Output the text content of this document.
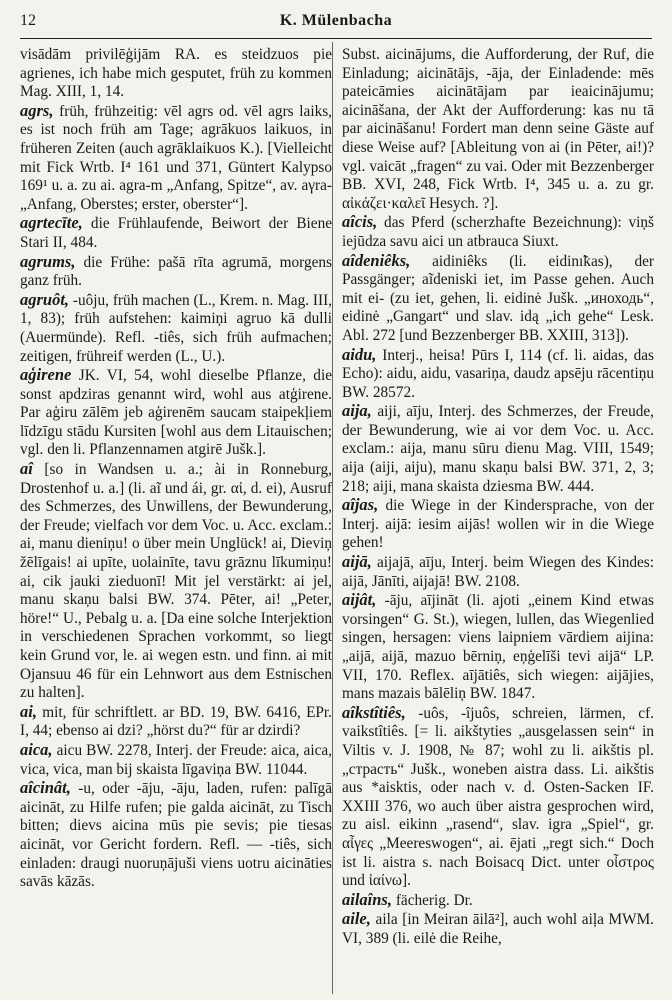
12	K. Mülenbacha
visādām privilēģijām RA. es steidzuos pie agrienes, ich habe mich gesputet, früh zu kommen Mag. XIII, 1, 14.
agrs, früh, frühzeitig: vēl agrs od. vēl agrs laiks, es ist noch früh am Tage; agrākuos laikuos, in früheren Zeiten (auch agrāklaikuos K.). [Vielleicht mit Fick Wrtb. I⁴ 161 und 371, Güntert Kalypso 169¹ u. a. zu ai. agra-m „Anfang, Spitze“, av. aγra- „Anfang, Oberstes; erster, oberster“].
agrtecīte, die Frühlaufende, Beiwort der Biene Stari II, 484.
agrums, die Frühe: pašā rīta agrumā, morgens ganz früh.
agruôt, -uôju, früh machen (L., Krem. n. Mag. III, 1, 83); früh aufstehen: kaimiņi agruo kā dulli (Auermünde). Refl. -tiês, sich früh aufmachen; zeitigen, frühreif werden (L., U.).
aģirene JK. VI, 54, wohl dieselbe Pflanze, die sonst apdziras genannt wird, wohl aus atģirene. Par aģiru zālēm jeb aģirenēm saucam staipekļiem līdzīgu stādu Kursiten [wohl aus dem Litauischen; vgl. den li. Pflanzennamen atgirē Jušk.].
aî [so in Wandsen u. a.; ài in Ronneburg, Drostenhof u. a.] (li. aĩ und ái, gr. αἰ, d. ei), Ausruf des Schmerzes, des Unwillens, der Bewunderung, der Freude; vielfach vor dem Voc. u. Acc. exclam.: ai, manu dieniņu! o über mein Unglück! ai, Dieviņ žēlīgais! ai upīte, uolainīte, tavu grāznu līkumiņu! ai, cik jauki zieduonī! Mit jel verstärkt: ai jel, manu skaņu balsi BW. 374. Pēter, ai! „Peter, höre!“ U., Pebalg u. a. [Da eine solche Interjektion in verschiedenen Sprachen vorkommt, so liegt kein Grund vor, le. ai wegen estn. und finn. ai mit Ojansuu 46 für ein Lehnwort aus dem Estnischen zu halten].
ai, mit, für schriftlett. ar BD. 19, BW. 6416, EPr. I, 44; ebenso ai dzi? „hörst du?“ für ar dzirdi?
aica, aicu BW. 2278, Interj. der Freude: aica, aica, vica, vica, man bij skaista līgaviņa BW. 11044.
aîcinât, -u, oder -āju, -āju, laden, rufen: palīgā aicināt, zu Hilfe rufen; pie galda aicināt, zu Tisch bitten; dievs aicina mūs pie sevis; pie tiesas aicināt, vor Gericht fordern. Refl. — -tiês, sich einladen: draugi nuoruņājuši viens uotru aicināties savās kāzās.
Subst. aicinājums, die Aufforderung, der Ruf, die Einladung; aicinātājs, -āja, der Einladende: mēs pateicāmies aicinātājam par ieaicinājumu; aicināšana, der Akt der Aufforderung: kas nu tā par aicināšanu! Fordert man denn seine Gäste auf diese Weise auf? [Ableitung von ai (in Pēter, ai!)? vgl. vaicāt „fragen“ zu vai. Oder mit Bezzenberger BB. XVI, 248, Fick Wrtb. I⁴, 345 u. a. zu gr. αἰκάζει·καλεῖ Hesych. ?].
aîcis, das Pferd (scherzhafte Bezeichnung): viņš iejūdza savu aici un atbrauca Siuxt.
aîdeniêks, aidiniêks (li. eidinı̃kas), der Passgänger; aĩdeniski iet, im Passe gehen. Auch mit ei- (zu iet, gehen, li. eidinė Jušk. „иноходь“, eidinė „Gangart“ und slav. idą „ich gehe“ Lesk. Abl. 272 [und Bezzenberger BB. XXIII, 313]).
aidu, Interj., heisa! Pūrs I, 114 (cf. li. aidas, das Echo): aidu, aidu, vasariņa, daudz apsēju rācentiņu BW. 28572.
aija, aiji, aīju, Interj. des Schmerzes, der Freude, der Bewunderung, wie ai vor dem Voc. u. Acc. exclam.: aija, manu sūru dienu Mag. VIII, 1549; aija (aiji, aiju), manu skaņu balsi BW. 371, 2, 3; 218; aiji, mana skaista dziesma BW. 444.
aîjas, die Wiege in der Kindersprache, von der Interj. aijā: iesim aijās! wollen wir in die Wiege gehen!
aijā, aijajā, aīju, Interj. beim Wiegen des Kindes: aijā, Jānīti, aijajā! BW. 2108.
aijât, -āju, aījināt (li. ajoti „einem Kind etwas vorsingen“ G. St.), wiegen, lullen, das Wiegenlied singen, hersagen: viens laipniem vārdiem aijina: „aijā, aijā, mazuo bērniņ, eņģelīši tevi aijā“ LP. VII, 170. Reflex. aījātiês, sich wiegen: aijājies, mans mazais bālēliņ BW. 1847.
aîkstîtiês, -uôs, -îjuôs, schreien, lärmen, cf. vaikstîtiês. [= li. aikštyties „ausgelassen sein“ in Viltis v. J. 1908, № 87; wohl zu li. aikštis pl. „страсть“ Jušk., woneben aistra dass. Li. aikštis aus *aisktis, oder nach v. d. Osten-Sacken IF. XXIII 376, wo auch über aistra gesprochen wird, zu aisl. eikinn „rasend“, slav. igra „Spiel“, gr. αἶγες „Meereswogen“, ai. ējati „regt sich.“ Doch ist li. aistra s. nach Boisacq Dict. unter οἶστρος und ἰαίνω].
ailaîns, fächerig. Dr.
aile, aila [in Meiran āilā²], auch wohl aiļa MWM. VI, 389 (li. eilė die Reihe,
